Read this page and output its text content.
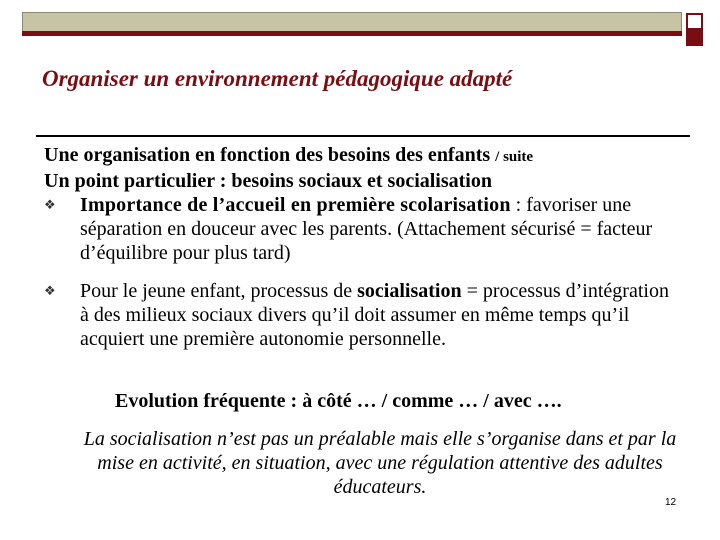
Organiser un environnement pédagogique adapté
Une organisation en fonction des besoins des enfants / suite
Un point particulier : besoins sociaux et socialisation
❖ Importance de l’accueil en première scolarisation : favoriser une séparation en douceur avec les parents. (Attachement sécurisé = facteur d’équilibre pour plus tard)
❖ Pour le jeune enfant, processus de socialisation = processus d’intégration à des milieux sociaux divers qu’il doit assumer en même temps qu’il acquiert une première autonomie personnelle.

Evolution fréquente : à côté … / comme … / avec ….

La socialisation n’est pas un préalable mais elle s’organise dans et par la mise en activité, en situation, avec une régulation attentive des adultes éducateurs.

12
